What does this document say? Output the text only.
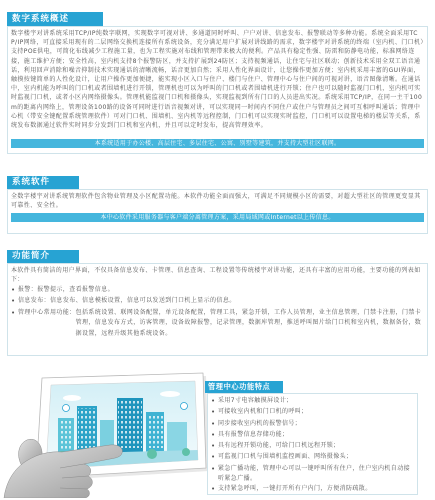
数字系统概述

数字楼宇对讲系统采用TCP/IP纯数字联网，实现数字可视对讲、多通道同时呼叫、户户对讲、信息发布、报警联动等多种功能。系统全面采用TCP/IP网络，可直接采用现有的二层网络交换机连接所有系统设备，充分满足用户扩展对讲线路的需求，数字楼宇对讲系统的终端（室内机、门口机）支持POE供电，可简化布线减少工程施工量，也为工程实施对布线和管理带来极大的便利。产品具有稳定性强、防雷和防静电功能，标准网络连接，施工维护方便；安全性高，室内机支持8个报警防区，并支持扩展到24防区；支持视频通话，让住宅与社区联动；创新技术采用全双工语音通话，利用回声消除和噪音抑制技术实现通话的清晰流畅，话音更加自然；采用人性化界面设计，让您操作更加方便；室内机采用丰富的GUI界面，触摸按键简单的人性化设计，让用户操作更加便捷，能实现小区入口与住户、楼门与住户、管理中心与住户间的可视对讲，语音图像清晰。在通话中，室内机能为呼叫的门口机或者围墙机进行开锁，管理机也可以为呼叫的门口机或者围墙机进行开锁；住户也可以随时监视门口机，室内机可实时监视门口机，或者小区内网络摄像头。管理机能监视门口机和摄像头，实现监视到所有门口的人员进出实况。系统采用TCP/IP，在同一主干100m的距离内网络上，管理设备100路的设备可同时进行语音视频对讲，可以实现同一时间内不同住户或住户与管理员之间可互相呼叫通话；管理中心机（带安全键配置系统管理软件）可对门口机、围墙机、室内机等远程控制，门口机可以实现实时监控，门口机可以设置电梯的楼层等关系，系统发布数据通过软件实时同步分发到门口机和室内机，并且可以定时发布，提高管理效率。

本系统适用于办公楼、高层住宅、多层住宅、公寓、别墅等建筑，并支持大型社区联网。
系统软件

全数字楼宇对讲系统管理软件包含物业管理及小区配置功能。本软件功能全面而强大，可满足不同规模小区的需要，对超大型社区的管理更变显其可靠性、安全性。

本中心软件采用服务器与客户端分离管理方案，采用局域网或Internet以上传信息。
功能简介

本软件具有简洁的用户界面，不仅具备信息发布、卡管理、信息查询、工程设置等传统楼宇对讲功能，还具有丰富的应用功能，主要功能的列表如下：

•
报警： 报警提示，查看报警信息。
•
信息发布： 信息发布、信息模板设置，信息可以发送到门口机上显示的信息。
•
管理中心常用功能： 包括系统设置、联网设备配置，单元设备配置，管理工具，紧急开锁，工作人员管理，业主信息管理，门禁卡注册，门禁卡管理，信息发布方式，访客管理，设备故障报警，记录管理，数据库管理，推送呼叫图片给门口机和室内机，数据备份，数据设置，远程升级其他系统设备。
管理中心功能特点
•
采用7寸电容触摸屏设计；
•
可接收室内机和门口机的呼叫；
•
同步接收室内机的报警信号；
•
具有报警信息存储功能；
•
具有远程开锁功能，可给门口机远程开锁；
•
可监视门口机与围墙机监控画面、网络摄像头；
•
紧急广播功能，管理中心可以一键呼叫所有住户，住户室内机自动接听紧急广播。
•
支持紧急呼叫，一键打开所有户内门，方便消防疏散。
